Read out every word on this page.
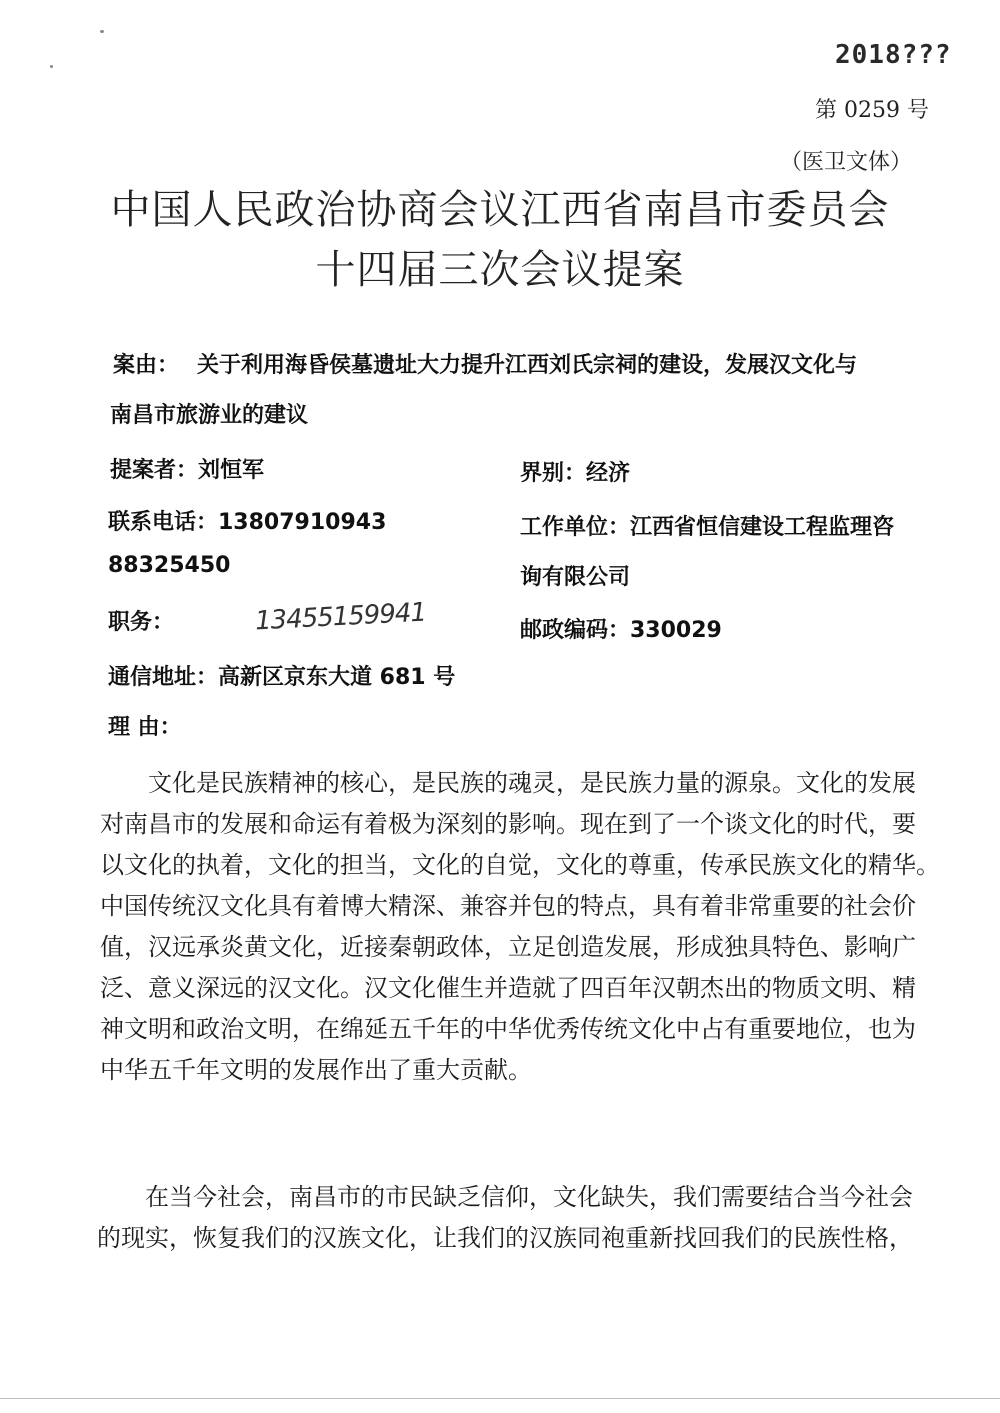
2018???
第 0259 号
（医卫文体）
中国人民政治协商会议江西省南昌市委员会
十四届三次会议提案
案由： 关于利用海昏侯墓遗址大力提升江西刘氏宗祠的建设，发展汉文化与
南昌市旅游业的建议
提案者：刘恒军	界别：经济
联系电话：13807910943	工作单位：江西省恒信建设工程监理咨
88325450	询有限公司
职务：	13455159941	邮政编码：330029
通信地址：高新区京东大道 681 号
理 由：
文化是民族精神的核心，是民族的魂灵，是民族力量的源泉。文化的发展
对南昌市的发展和命运有着极为深刻的影响。现在到了一个谈文化的时代，要
以文化的执着，文化的担当，文化的自觉，文化的尊重，传承民族文化的精华。
中国传统汉文化具有着博大精深、兼容并包的特点，具有着非常重要的社会价
值，汉远承炎黄文化，近接秦朝政体，立足创造发展，形成独具特色、影响广
泛、意义深远的汉文化。汉文化催生并造就了四百年汉朝杰出的物质文明、精
神文明和政治文明，在绵延五千年的中华优秀传统文化中占有重要地位，也为
中华五千年文明的发展作出了重大贡献。
在当今社会，南昌市的市民缺乏信仰，文化缺失，我们需要结合当今社会
的现实，恢复我们的汉族文化，让我们的汉族同袍重新找回我们的民族性格，
